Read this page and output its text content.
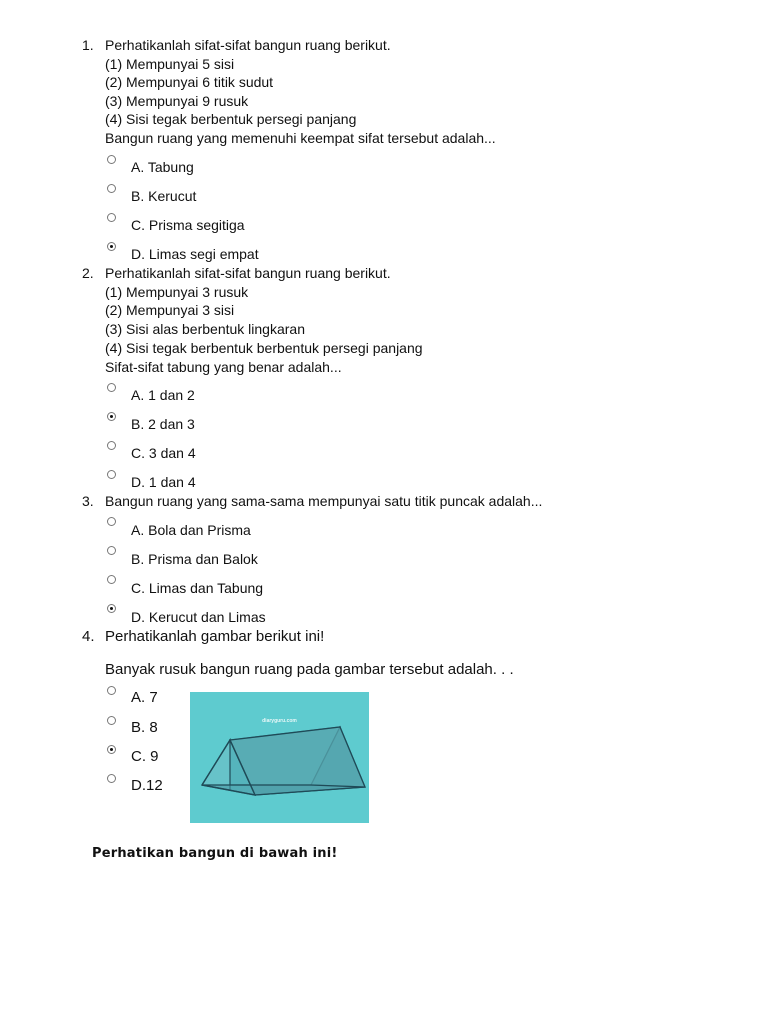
1. Perhatikanlah sifat-sifat bangun ruang berikut.
(1) Mempunyai 5 sisi
(2) Mempunyai 6 titik sudut
(3) Mempunyai 9 rusuk
(4) Sisi tegak berbentuk persegi panjang
Bangun ruang yang memenuhi keempat sifat tersebut adalah...
A. Tabung
B. Kerucut
C. Prisma segitiga
D. Limas segi empat
2. Perhatikanlah sifat-sifat bangun ruang berikut.
(1) Mempunyai 3 rusuk
(2) Mempunyai 3 sisi
(3) Sisi alas berbentuk lingkaran
(4) Sisi tegak berbentuk berbentuk persegi panjang
Sifat-sifat tabung yang benar adalah...
A. 1 dan 2
B. 2 dan 3
C. 3 dan 4
D. 1 dan 4
3. Bangun ruang yang sama-sama mempunyai satu titik puncak adalah...
A. Bola dan Prisma
B. Prisma dan Balok
C. Limas dan Tabung
D. Kerucut dan Limas
4. Perhatikanlah gambar berikut ini!
Banyak rusuk bangun ruang pada gambar tersebut adalah. . .
A. 7
B. 8
C. 9
D.12
diaryguru.com
Perhatikan bangun di bawah ini!
